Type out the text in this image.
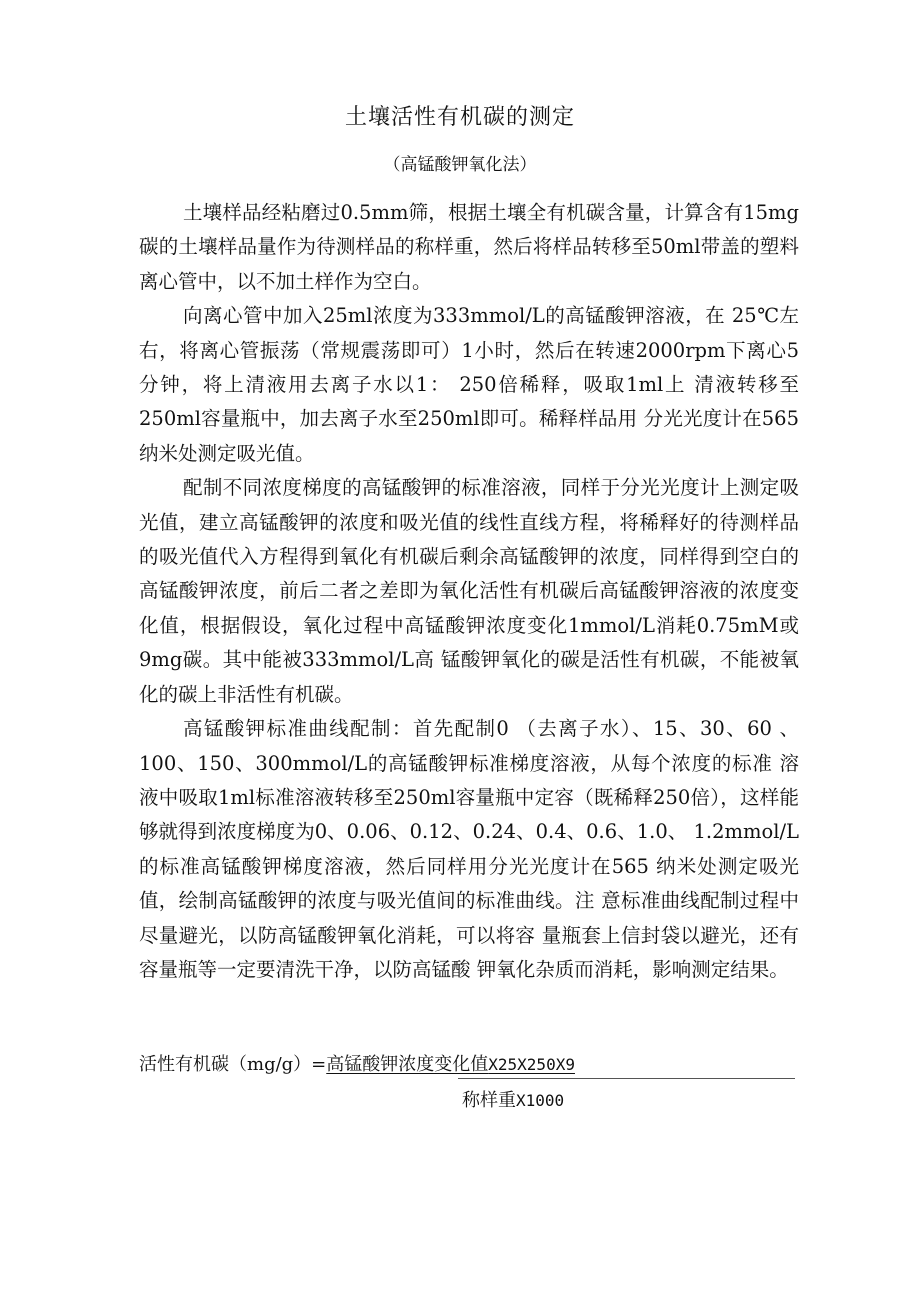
土壤活性有机碳的测定
（高锰酸钾氧化法）

土壤样品经粘磨过0.5mm筛，根据土壤全有机碳含量，计算含有15mg碳的土壤样品量作为待测样品的称样重，然后将样品转移至50ml带盖的塑料离心管中，以不加土样作为空白。

向离心管中加入25ml浓度为333mmol/L的高锰酸钾溶液，在 25℃左右，将离心管振荡（常规震荡即可）1小时，然后在转速2000rpm下离心5分钟，将上清液用去离子水以1： 250倍稀释，吸取1ml上 清液转移至250ml容量瓶中，加去离子水至250ml即可。稀释样品用 分光光度计在565纳米处测定吸光值。

配制不同浓度梯度的高锰酸钾的标准溶液，同样于分光光度计上测定吸光值，建立高锰酸钾的浓度和吸光值的线性直线方程，将稀释好的待测样品的吸光值代入方程得到氧化有机碳后剩余高锰酸钾的浓度，同样得到空白的高锰酸钾浓度，前后二者之差即为氧化活性有机碳后高锰酸钾溶液的浓度变化值，根据假设，氧化过程中高锰酸钾浓度变化1mmol/L消耗0.75mM或9mg碳。其中能被333mmol/L高 锰酸钾氧化的碳是活性有机碳，不能被氧化的碳上非活性有机碳。

高锰酸钾标准曲线配制：首先配制0 （去离子水）、15、30、60 、 100、150、300mmol/L的高锰酸钾标准梯度溶液，从每个浓度的标准 溶液中吸取1ml标准溶液转移至250ml容量瓶中定容（既稀释250倍），这样能够就得到浓度梯度为0、0.06、0.12、0.24、0.4、0.6、1.0、 1.2mmol/L的标准高锰酸钾梯度溶液，然后同样用分光光度计在565 纳米处测定吸光值，绘制高锰酸钾的浓度与吸光值间的标准曲线。注 意标准曲线配制过程中尽量避光，以防高锰酸钾氧化消耗，可以将容 量瓶套上信封袋以避光，还有容量瓶等一定要清洗干净，以防高锰酸 钾氧化杂质而消耗，影响测定结果。

活性有机碳（mg/g）=高锰酸钾浓度变化值X25X250X9
称样重X1000
